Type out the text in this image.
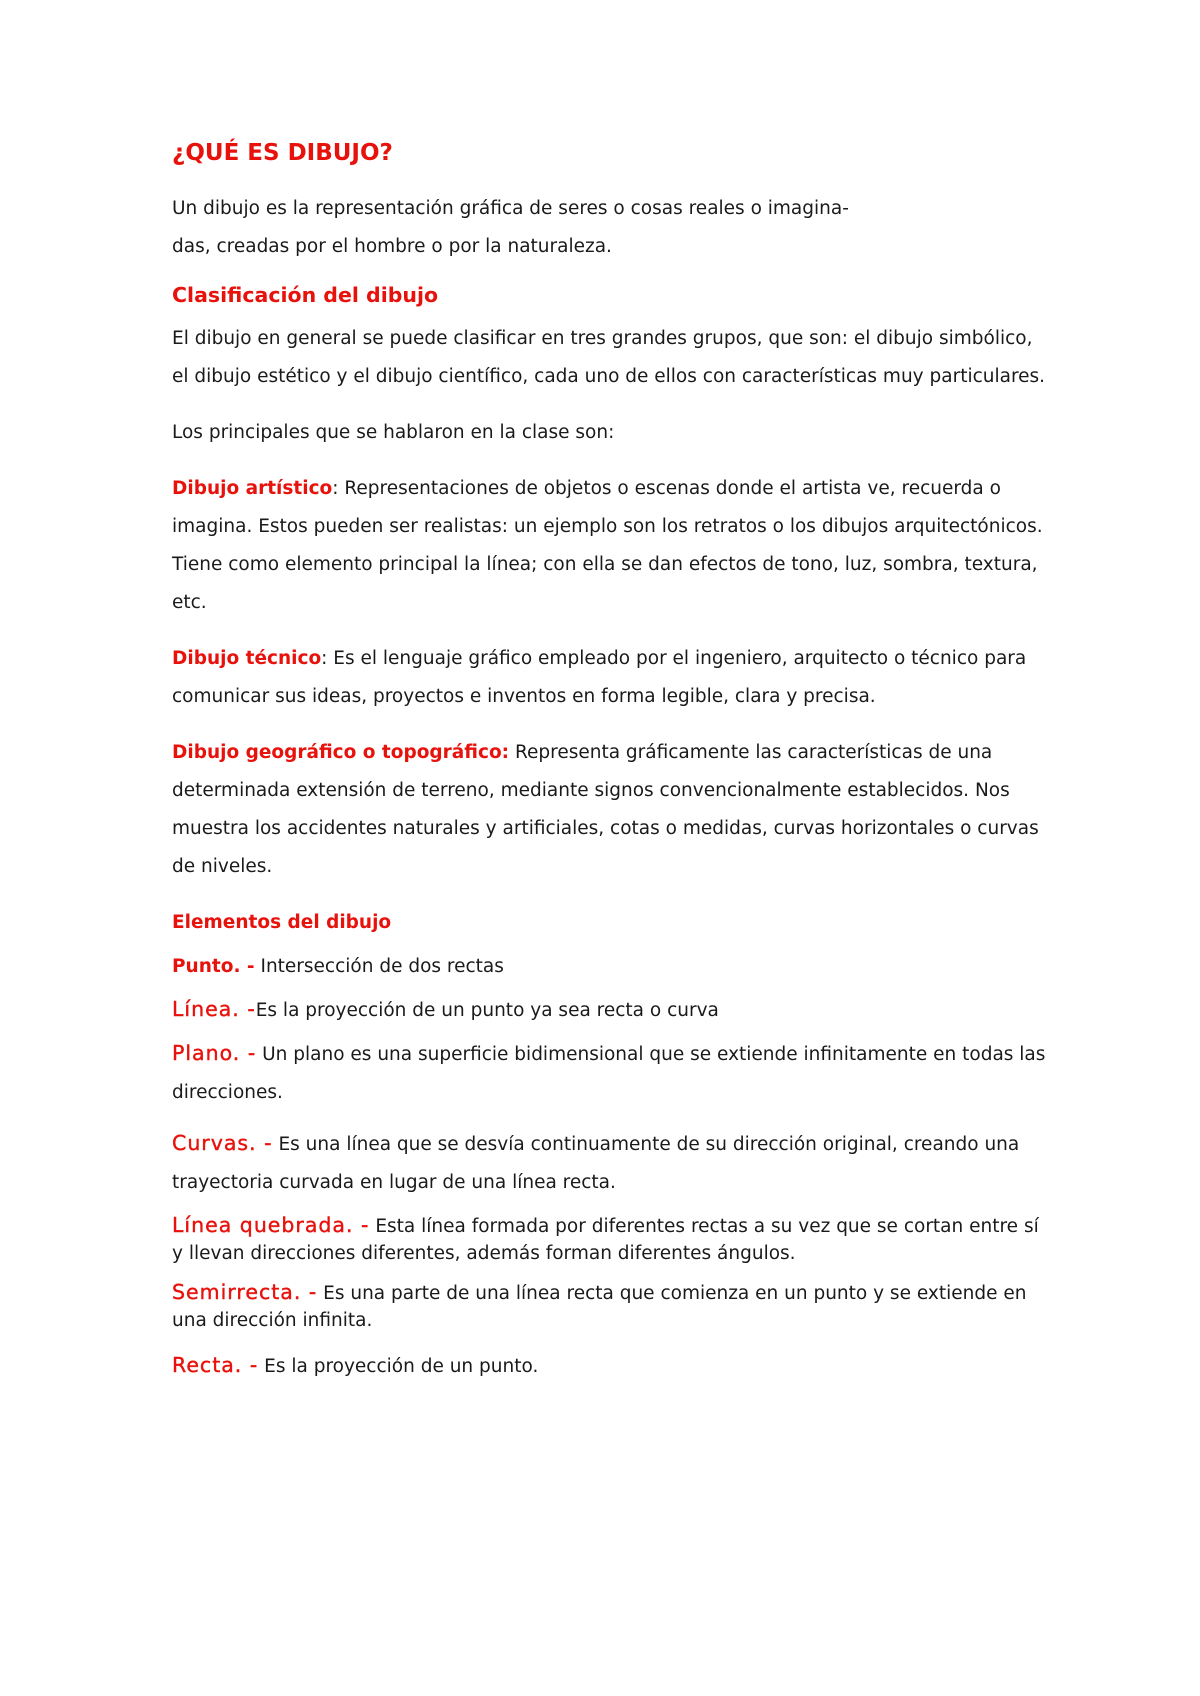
¿QUÉ ES DIBUJO?

Un dibujo es la representación gráfica de seres o cosas reales o imagina-

das, creadas por el hombre o por la naturaleza.

Clasificación del dibujo

El dibujo en general se puede clasificar en tres grandes grupos, que son: el dibujo simbólico, el dibujo estético y el dibujo científico, cada uno de ellos con características muy particulares.

Los principales que se hablaron en la clase son:

Dibujo artístico: Representaciones de objetos o escenas donde el artista ve, recuerda o imagina. Estos pueden ser realistas: un ejemplo son los retratos o los dibujos arquitectónicos. Tiene como elemento principal la línea; con ella se dan efectos de tono, luz, sombra, textura, etc.

Dibujo técnico: Es el lenguaje gráfico empleado por el ingeniero, arquitecto o técnico para comunicar sus ideas, proyectos e inventos en forma legible, clara y precisa.

Dibujo geográfico o topográfico: Representa gráficamente las características de una determinada extensión de terreno, mediante signos convencionalmente establecidos. Nos muestra los accidentes naturales y artificiales, cotas o medidas, curvas horizontales o curvas de niveles.

Elementos del dibujo

Punto. - Intersección de dos rectas

Línea. -Es la proyección de un punto ya sea recta o curva

Plano. - Un plano es una superficie bidimensional que se extiende infinitamente en todas las direcciones.

Curvas. - Es una línea que se desvía continuamente de su dirección original, creando una trayectoria curvada en lugar de una línea recta.

Línea quebrada. - Esta línea formada por diferentes rectas a su vez que se cortan entre sí y llevan direcciones diferentes, además forman diferentes ángulos.

Semirrecta. - Es una parte de una línea recta que comienza en un punto y se extiende en una dirección infinita.

Recta. - Es la proyección de un punto.
